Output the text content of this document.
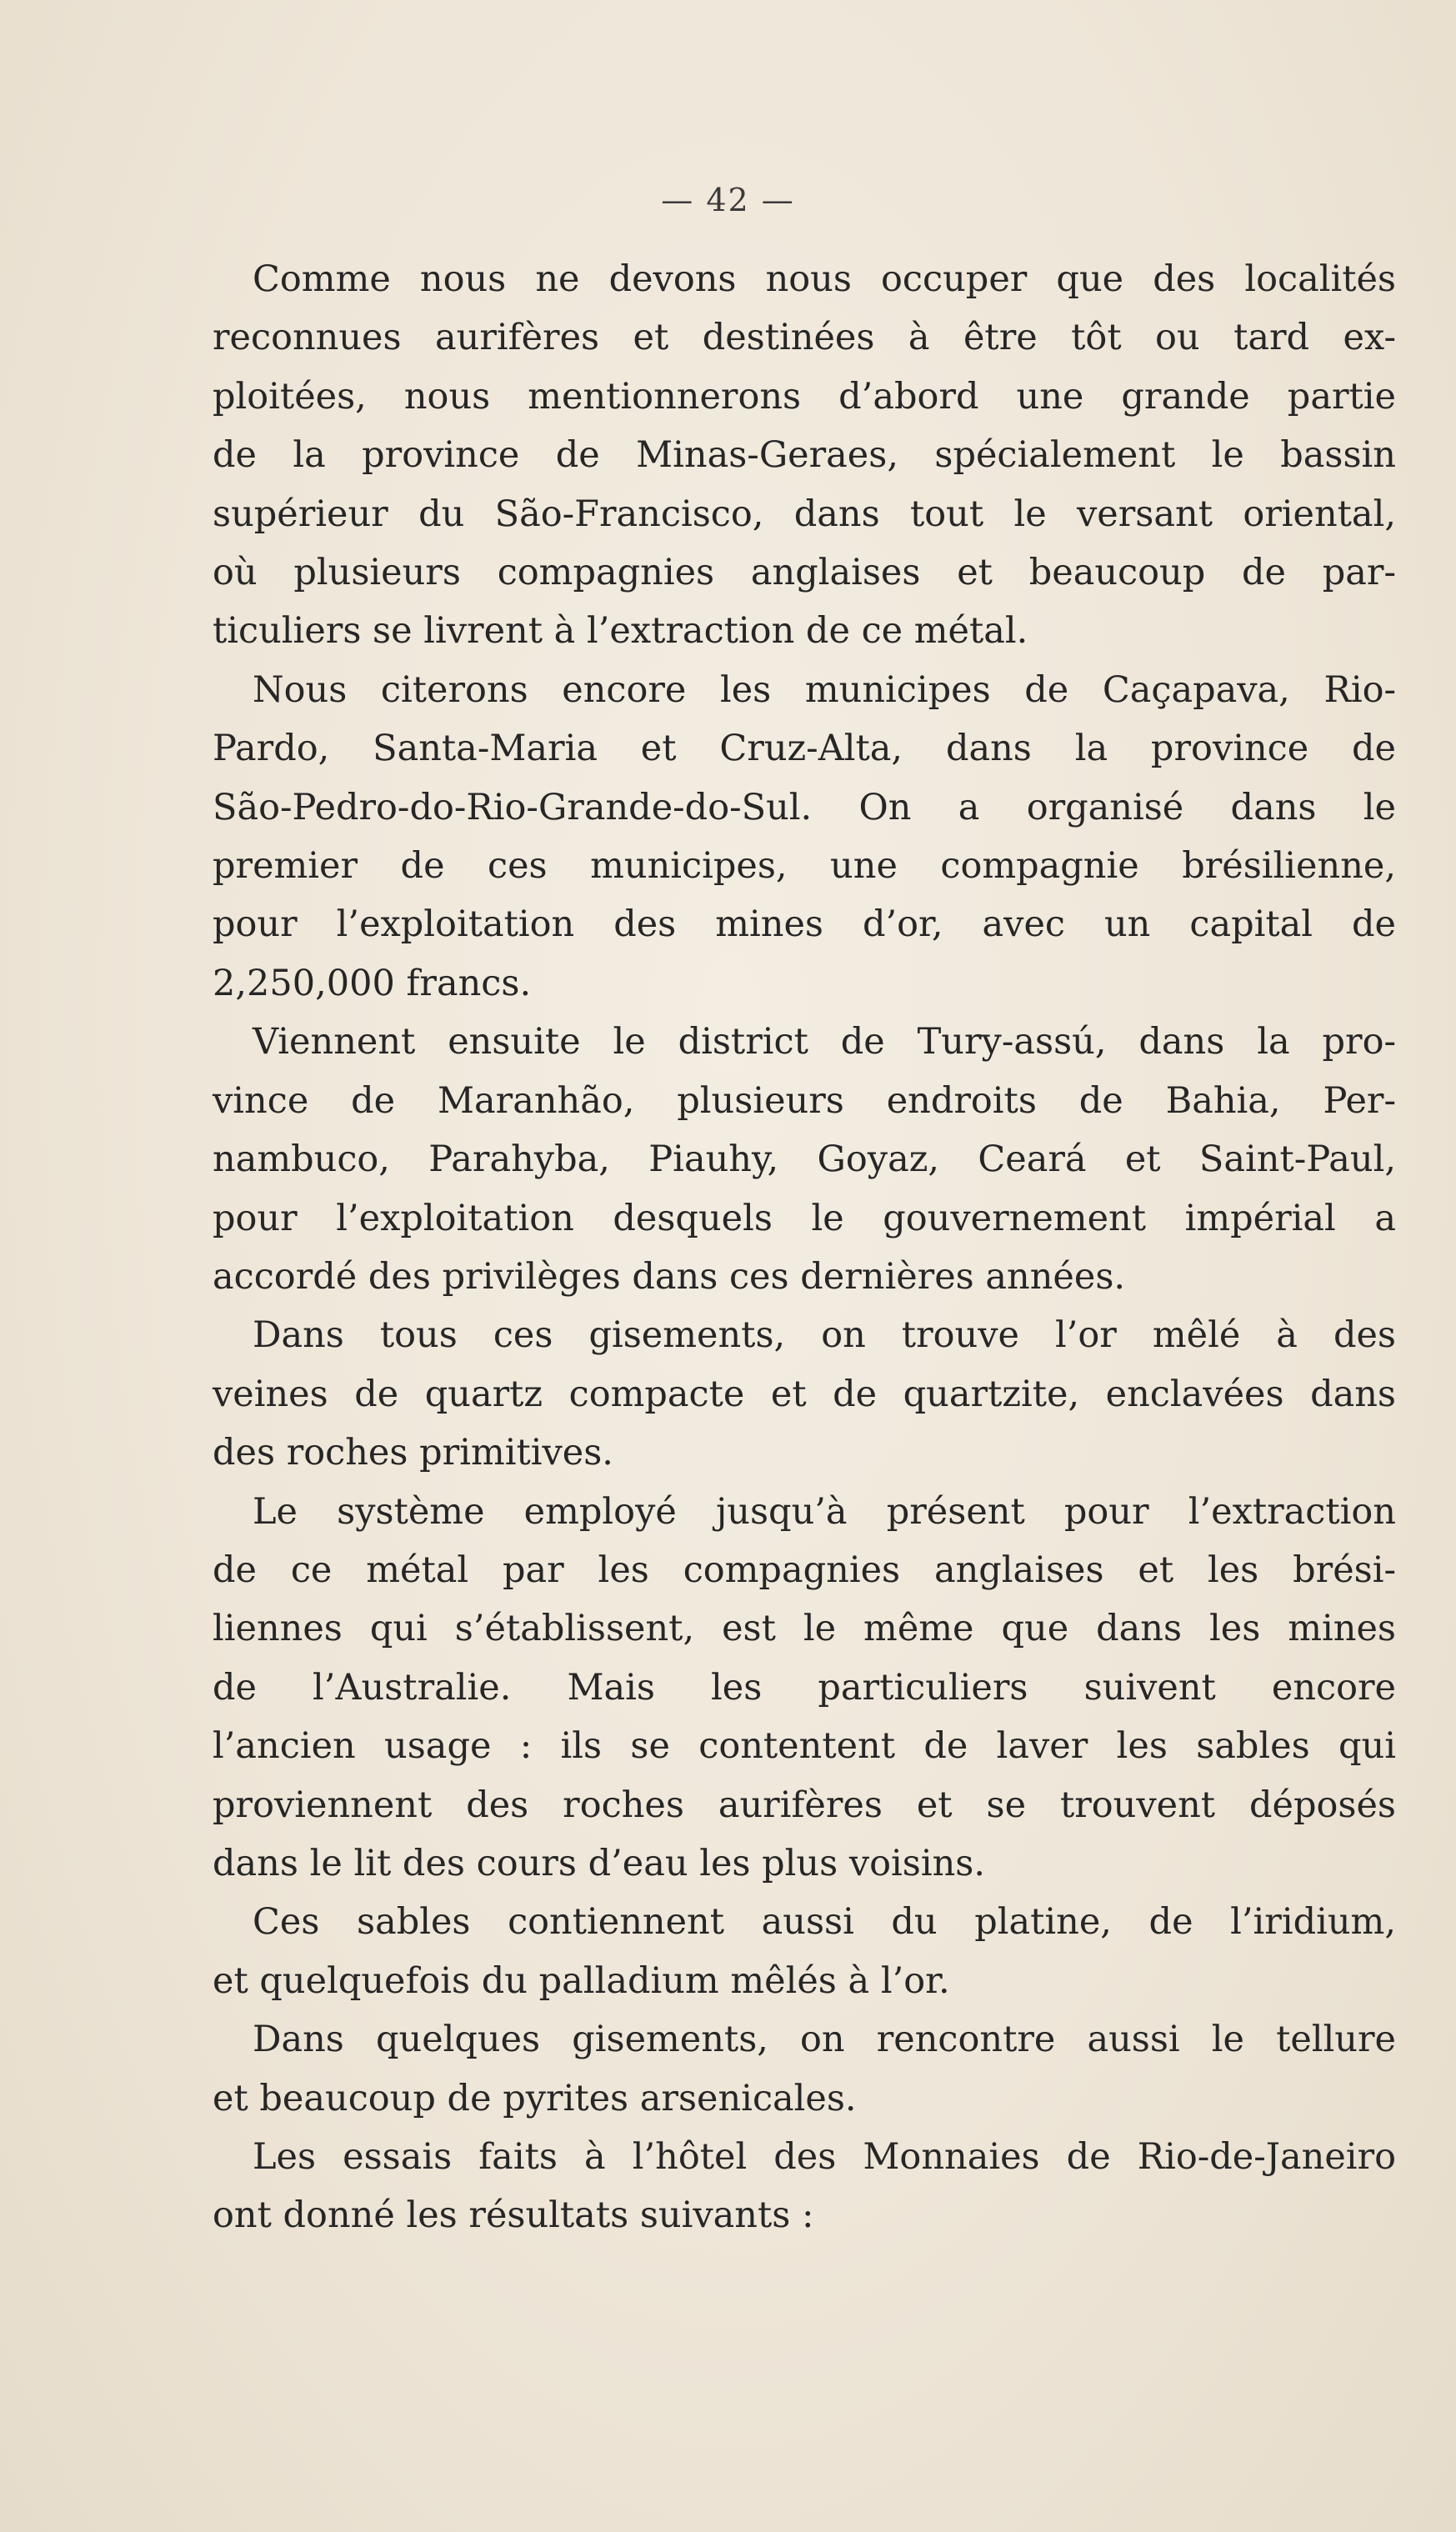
— 42 —
Comme nous ne devons nous occuper que des localités
reconnues aurifères et destinées à être tôt ou tard ex-
ploitées, nous mentionnerons d’abord une grande partie
de la province de Minas-Geraes, spécialement le bassin
supérieur du São-Francisco, dans tout le versant oriental,
où plusieurs compagnies anglaises et beaucoup de par-
ticuliers se livrent à l’extraction de ce métal.
Nous citerons encore les municipes de Caçapava, Rio-
Pardo, Santa-Maria et Cruz-Alta, dans la province de
São-Pedro-do-Rio-Grande-do-Sul. On a organisé dans le
premier de ces municipes, une compagnie brésilienne,
pour l’exploitation des mines d’or, avec un capital de
2,250,000 francs.
Viennent ensuite le district de Tury-assú, dans la pro-
vince de Maranhão, plusieurs endroits de Bahia, Per-
nambuco, Parahyba, Piauhy, Goyaz, Ceará et Saint-Paul,
pour l’exploitation desquels le gouvernement impérial a
accordé des privilèges dans ces dernières années.
Dans tous ces gisements, on trouve l’or mêlé à des
veines de quartz compacte et de quartzite, enclavées dans
des roches primitives.
Le système employé jusqu’à présent pour l’extraction
de ce métal par les compagnies anglaises et les brési-
liennes qui s’établissent, est le même que dans les mines
de l’Australie. Mais les particuliers suivent encore
l’ancien usage : ils se contentent de laver les sables qui
proviennent des roches aurifères et se trouvent déposés
dans le lit des cours d’eau les plus voisins.
Ces sables contiennent aussi du platine, de l’iridium,
et quelquefois du palladium mêlés à l’or.
Dans quelques gisements, on rencontre aussi le tellure
et beaucoup de pyrites arsenicales.
Les essais faits à l’hôtel des Monnaies de Rio-de-Janeiro
ont donné les résultats suivants :
